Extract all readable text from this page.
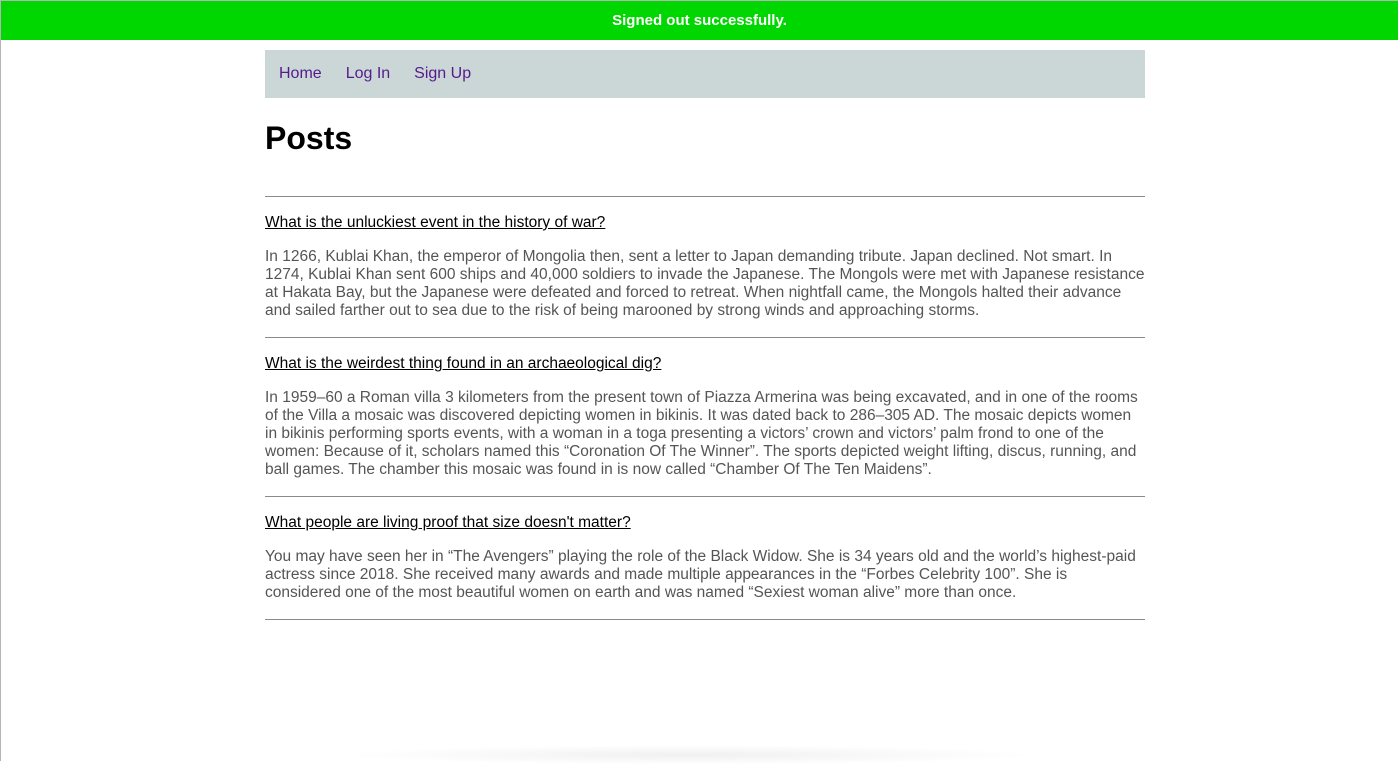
Signed out successfully.
Home Log In Sign Up
Posts
What is the unluckiest event in the history of war?

In 1266, Kublai Khan, the emperor of Mongolia then, sent a letter to Japan demanding tribute. Japan declined. Not smart. In 1274, Kublai Khan sent 600 ships and 40,000 soldiers to invade the Japanese. The Mongols were met with Japanese resistance at Hakata Bay, but the Japanese were defeated and forced to retreat. When nightfall came, the Mongols halted their advance and sailed farther out to sea due to the risk of being marooned by strong winds and approaching storms.

What is the weirdest thing found in an archaeological dig?

In 1959–60 a Roman villa 3 kilometers from the present town of Piazza Armerina was being excavated, and in one of the rooms of the Villa a mosaic was discovered depicting women in bikinis. It was dated back to 286–305 AD. The mosaic depicts women in bikinis performing sports events, with a woman in a toga presenting a victors’ crown and victors’ palm frond to one of the women: Because of it, scholars named this “Coronation Of The Winner”. The sports depicted weight lifting, discus, running, and ball games. The chamber this mosaic was found in is now called “Chamber Of The Ten Maidens”.

What people are living proof that size doesn't matter?

You may have seen her in “The Avengers” playing the role of the Black Widow. She is 34 years old and the world’s highest-paid actress since 2018. She received many awards and made multiple appearances in the “Forbes Celebrity 100”. She is considered one of the most beautiful women on earth and was named “Sexiest woman alive” more than once.
